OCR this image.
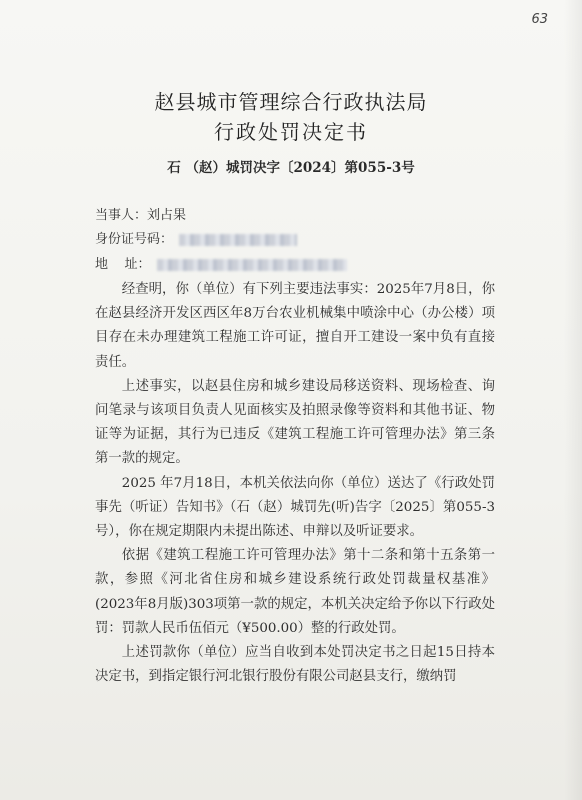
63
赵县城市管理综合行政执法局
行政处罚决定书
石 （赵）城罚决字〔2024〕第055-3号
当事人：刘占果
身份证号码：
地    址：

经查明，你（单位）有下列主要违法事实：2025年7月8日，你在赵县经济开发区西区年8万台农业机械集中喷涂中心（办公楼）项目存在未办理建筑工程施工许可证，擅自开工建设一案中负有直接责任。

上述事实，以赵县住房和城乡建设局移送资料、现场检查、询问笔录与该项目负责人见面核实及拍照录像等资料和其他书证、物证等为证据，其行为已违反《建筑工程施工许可管理办法》第三条第一款的规定。

2025 年7月18日，本机关依法向你（单位）送达了《行政处罚事先（听证）告知书》（石（赵）城罚先(听)告字〔2025〕第055-3号），你在规定期限内未提出陈述、申辩以及听证要求。

依据《建筑工程施工许可管理办法》第十二条和第十五条第一款，参照《河北省住房和城乡建设系统行政处罚裁量权基准》(2023年8月版)303项第一款的规定，本机关决定给予你以下行政处罚：罚款人民币伍佰元（¥500.00）整的行政处罚。

上述罚款你（单位）应当自收到本处罚决定书之日起15日持本决定书，到指定银行河北银行股份有限公司赵县支行，缴纳罚
